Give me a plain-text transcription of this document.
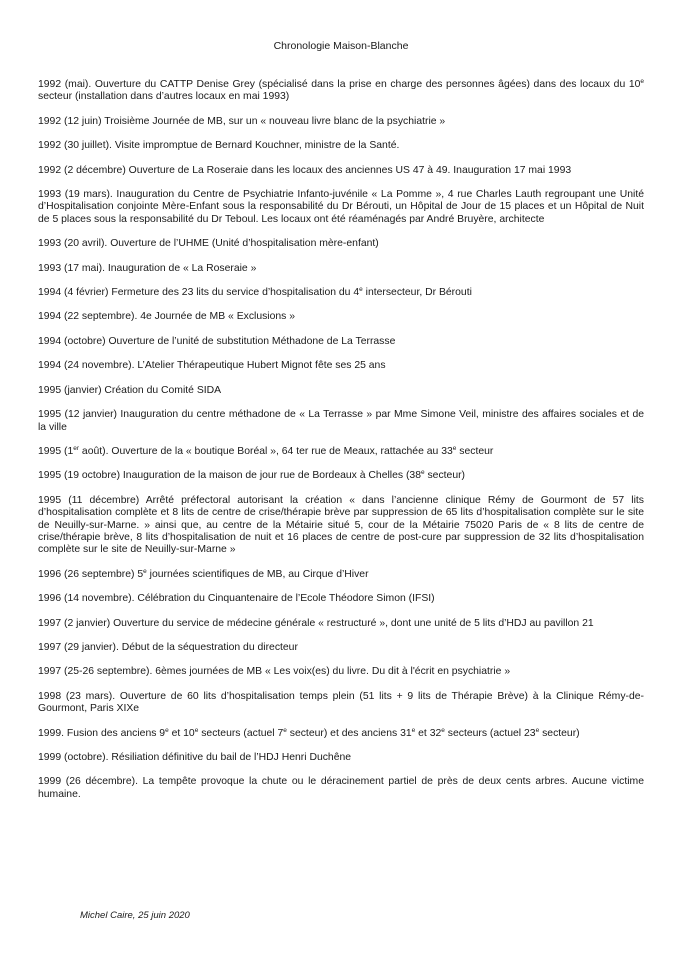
Chronologie Maison-Blanche

1992 (mai). Ouverture du CATTP Denise Grey (spécialisé dans la prise en charge des personnes âgées) dans des locaux du 10e secteur (installation dans d’autres locaux en mai 1993)

1992 (12 juin) Troisième Journée de MB, sur un « nouveau livre blanc de la psychiatrie »

1992 (30 juillet). Visite impromptue de Bernard Kouchner, ministre de la Santé.

1992 (2 décembre) Ouverture de La Roseraie dans les locaux des anciennes US 47 à 49. Inauguration 17 mai 1993

1993 (19 mars). Inauguration du Centre de Psychiatrie Infanto-juvénile « La Pomme », 4 rue Charles Lauth regroupant une Unité d’Hospitalisation conjointe Mère-Enfant sous la responsabilité du Dr Bérouti, un Hôpital de Jour de 15 places et un Hôpital de Nuit de 5 places sous la responsabilité du Dr Teboul. Les locaux ont été réaménagés par André Bruyère, architecte

1993 (20 avril). Ouverture de l’UHME (Unité d’hospitalisation mère-enfant)

1993 (17 mai). Inauguration de « La Roseraie »

1994 (4 février) Fermeture des 23 lits du service d’hospitalisation du 4e intersecteur, Dr Bérouti

1994 (22 septembre). 4e Journée de MB « Exclusions »

1994 (octobre) Ouverture de l’unité de substitution Méthadone de La Terrasse

1994 (24 novembre). L’Atelier Thérapeutique Hubert Mignot fête ses 25 ans

1995 (janvier) Création du Comité SIDA

1995 (12 janvier) Inauguration du centre méthadone de « La Terrasse » par Mme Simone Veil, ministre des affaires sociales et de la ville

1995 (1er août). Ouverture de la « boutique Boréal », 64 ter rue de Meaux, rattachée au 33e secteur

1995 (19 octobre) Inauguration de la maison de jour rue de Bordeaux à Chelles (38e secteur)

1995 (11 décembre) Arrêté préfectoral autorisant la création « dans l’ancienne clinique Rémy de Gourmont de 57 lits d’hospitalisation complète et 8 lits de centre de crise/thérapie brève par suppression de 65 lits d’hospitalisation complète sur le site de Neuilly-sur-Marne. » ainsi que, au centre de la Métairie situé 5, cour de la Métairie 75020 Paris de « 8 lits de centre de crise/thérapie brève, 8 lits d’hospitalisation de nuit et 16 places de centre de post-cure par suppression de 32 lits d’hospitalisation complète sur le site de Neuilly-sur-Marne »

1996 (26 septembre) 5e journées scientifiques de MB, au Cirque d’Hiver

1996 (14 novembre). Célébration du Cinquantenaire de l’Ecole Théodore Simon (IFSI)

1997 (2 janvier) Ouverture du service de médecine générale « restructuré », dont une unité de 5 lits d’HDJ au pavillon 21

1997 (29 janvier). Début de la séquestration du directeur

1997 (25-26 septembre). 6èmes journées de MB « Les voix(es) du livre. Du dit à l'écrit en psychiatrie »

1998 (23 mars). Ouverture de 60 lits d’hospitalisation temps plein (51 lits + 9 lits de Thérapie Brève) à la Clinique Rémy-de-Gourmont, Paris XIXe

1999. Fusion des anciens 9e et 10e secteurs (actuel 7e secteur) et des anciens 31e et 32e secteurs (actuel 23e secteur)

1999 (octobre). Résiliation définitive du bail de l’HDJ Henri Duchêne

1999 (26 décembre). La tempête provoque la chute ou le déracinement partiel de près de deux cents arbres. Aucune victime humaine.

Michel Caire, 25 juin 2020
